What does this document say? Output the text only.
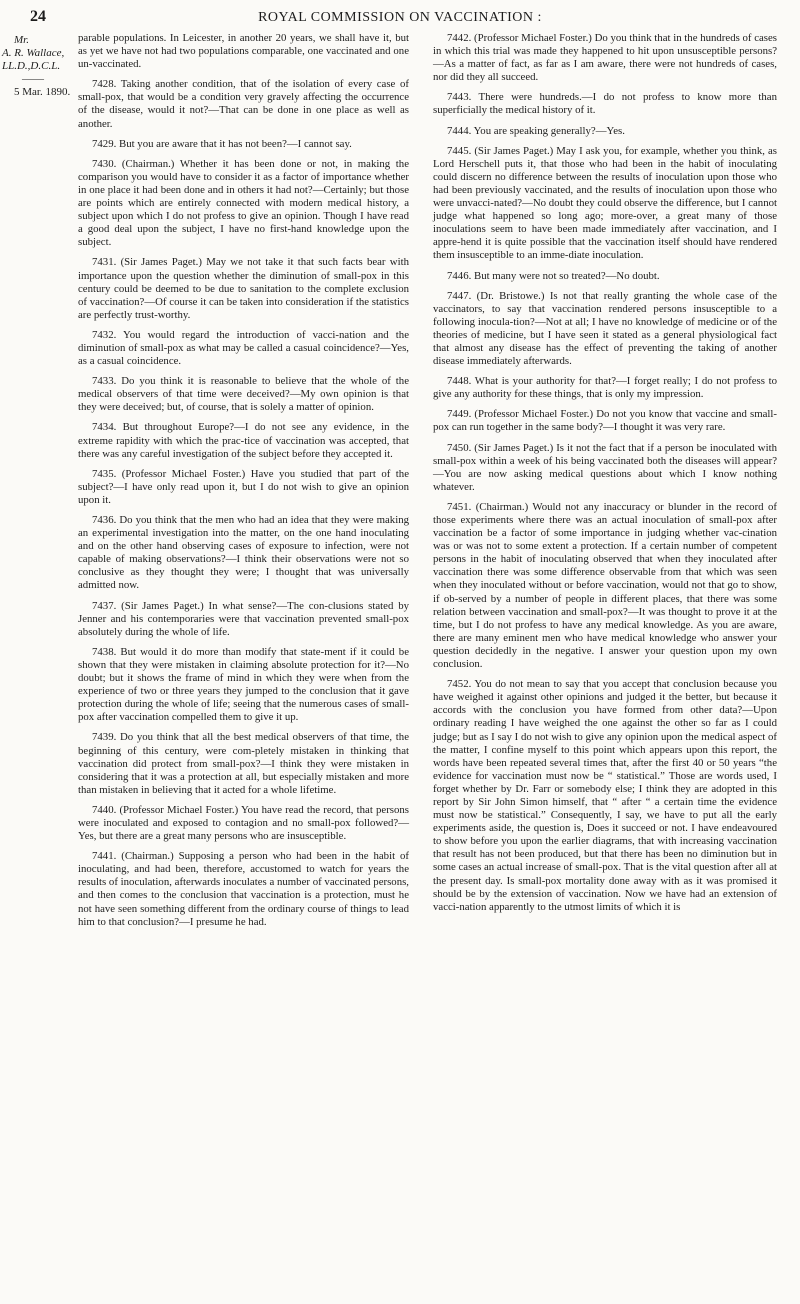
24	ROYAL COMMISSION ON VACCINATION :
Mr.
A. R. Wallace,
LL.D.,D.C.L.
——
5 Mar. 1890.

parable populations. In Leicester, in another 20 years, we shall have it, but as yet we have not had two populations comparable, one vaccinated and one un-vaccinated.

7428. Taking another condition, that of the isolation of every case of small-pox, that would be a condition very gravely affecting the occurrence of the disease, would it not?—That can be done in one place as well as another.

7429. But you are aware that it has not been?—I cannot say.

7430. (Chairman.) Whether it has been done or not, in making the comparison you would have to consider it as a factor of importance whether in one place it had been done and in others it had not?—Certainly; but those are points which are entirely connected with modern medical history, a subject upon which I do not profess to give an opinion. Though I have read a good deal upon the subject, I have no first-hand knowledge upon the subject.

7431. (Sir James Paget.) May we not take it that such facts bear with importance upon the question whether the diminution of small-pox in this century could be deemed to be due to sanitation to the complete exclusion of vaccination?—Of course it can be taken into consideration if the statistics are perfectly trust-worthy.

7432. You would regard the introduction of vacci-nation and the diminution of small-pox as what may be called a casual coincidence?—Yes, as a casual coincidence.

7433. Do you think it is reasonable to believe that the whole of the medical observers of that time were deceived?—My own opinion is that they were deceived; but, of course, that is solely a matter of opinion.

7434. But throughout Europe?—I do not see any evidence, in the extreme rapidity with which the prac-tice of vaccination was accepted, that there was any careful investigation of the subject before they accepted it.

7435. (Professor Michael Foster.) Have you studied that part of the subject?—I have only read upon it, but I do not wish to give an opinion upon it.

7436. Do you think that the men who had an idea that they were making an experimental investigation into the matter, on the one hand inoculating and on the other hand observing cases of exposure to infection, were not capable of making observations?—I think their observations were not so conclusive as they thought they were; I thought that was universally admitted now.

7437. (Sir James Paget.) In what sense?—The con-clusions stated by Jenner and his contemporaries were that vaccination prevented small-pox absolutely during the whole of life.

7438. But would it do more than modify that state-ment if it could be shown that they were mistaken in claiming absolute protection for it?—No doubt; but it shows the frame of mind in which they were when from the experience of two or three years they jumped to the conclusion that it gave protection during the whole of life; seeing that the numerous cases of small-pox after vaccination compelled them to give it up.

7439. Do you think that all the best medical observers of that time, the beginning of this century, were com-pletely mistaken in thinking that vaccination did protect from small-pox?—I think they were mistaken in considering that it was a protection at all, but especially mistaken and more than mistaken in believing that it acted for a whole lifetime.

7440. (Professor Michael Foster.) You have read the record, that persons were inoculated and exposed to contagion and no small-pox followed?—Yes, but there are a great many persons who are insusceptible.

7441. (Chairman.) Supposing a person who had been in the habit of inoculating, and had been, therefore, accustomed to watch for years the results of inoculation, afterwards inoculates a number of vaccinated persons, and then comes to the conclusion that vaccination is a protection, must he not have seen something different from the ordinary course of things to lead him to that conclusion?—I presume he had.

7442. (Professor Michael Foster.) Do you think that in the hundreds of cases in which this trial was made they happened to hit upon unsusceptible persons?—As a matter of fact, as far as I am aware, there were not hundreds of cases, nor did they all succeed.

7443. There were hundreds.—I do not profess to know more than superficially the medical history of it.

7444. You are speaking generally?—Yes.

7445. (Sir James Paget.) May I ask you, for example, whether you think, as Lord Herschell puts it, that those who had been in the habit of inoculating could discern no difference between the results of inoculation upon those who had been previously vaccinated, and the results of inoculation upon those who were unvacci-nated?—No doubt they could observe the difference, but I cannot judge what happened so long ago; more-over, a great many of those inoculations seem to have been made immediately after vaccination, and I appre-hend it is quite possible that the vaccination itself should have rendered them insusceptible to an imme-diate inoculation.

7446. But many were not so treated?—No doubt.

7447. (Dr. Bristowe.) Is not that really granting the whole case of the vaccinators, to say that vaccination rendered persons insusceptible to a following inocula-tion?—Not at all; I have no knowledge of medicine or of the theories of medicine, but I have seen it stated as a general physiological fact that almost any disease has the effect of preventing the taking of another disease immediately afterwards.

7448. What is your authority for that?—I forget really; I do not profess to give any authority for these things, that is only my impression.

7449. (Professor Michael Foster.) Do not you know that vaccine and small-pox can run together in the same body?—I thought it was very rare.

7450. (Sir James Paget.) Is it not the fact that if a person be inoculated with small-pox within a week of his being vaccinated both the diseases will appear?—You are now asking medical questions about which I know nothing whatever.

7451. (Chairman.) Would not any inaccuracy or blunder in the record of those experiments where there was an actual inoculation of small-pox after vaccination be a factor of some importance in judging whether vac-cination was or was not to some extent a protection. If a certain number of competent persons in the habit of inoculating observed that when they inoculated after vaccination there was some difference observable from that which was seen when they inoculated without or before vaccination, would not that go to show, if ob-served by a number of people in different places, that there was some relation between vaccination and small-pox?—It was thought to prove it at the time, but I do not profess to have any medical knowledge. As you are aware, there are many eminent men who have medical knowledge who answer your question decidedly in the negative. I answer your question upon my own conclusion.

7452. You do not mean to say that you accept that conclusion because you have weighed it against other opinions and judged it the better, but because it accords with the conclusion you have formed from other data?—Upon ordinary reading I have weighed the one against the other so far as I could judge; but as I say I do not wish to give any opinion upon the medical aspect of the matter, I confine myself to this point which appears upon this report, the words have been repeated several times that, after the first 40 or 50 years “the evidence for vaccination must now be “ statistical.” Those are words used, I forget whether by Dr. Farr or somebody else; I think they are adopted in this report by Sir John Simon himself, that “ after “ a certain time the evidence must now be statistical.” Consequently, I say, we have to put all the early experiments aside, the question is, Does it succeed or not. I have endeavoured to show before you upon the earlier diagrams, that with increasing vaccination that result has not been produced, but that there has been no diminution but in some cases an actual increase of small-pox. That is the vital question after all at the present day. Is small-pox mortality done away with as it was promised it should be by the extension of vaccination. Now we have had an extension of vacci-nation apparently to the utmost limits of which it is
